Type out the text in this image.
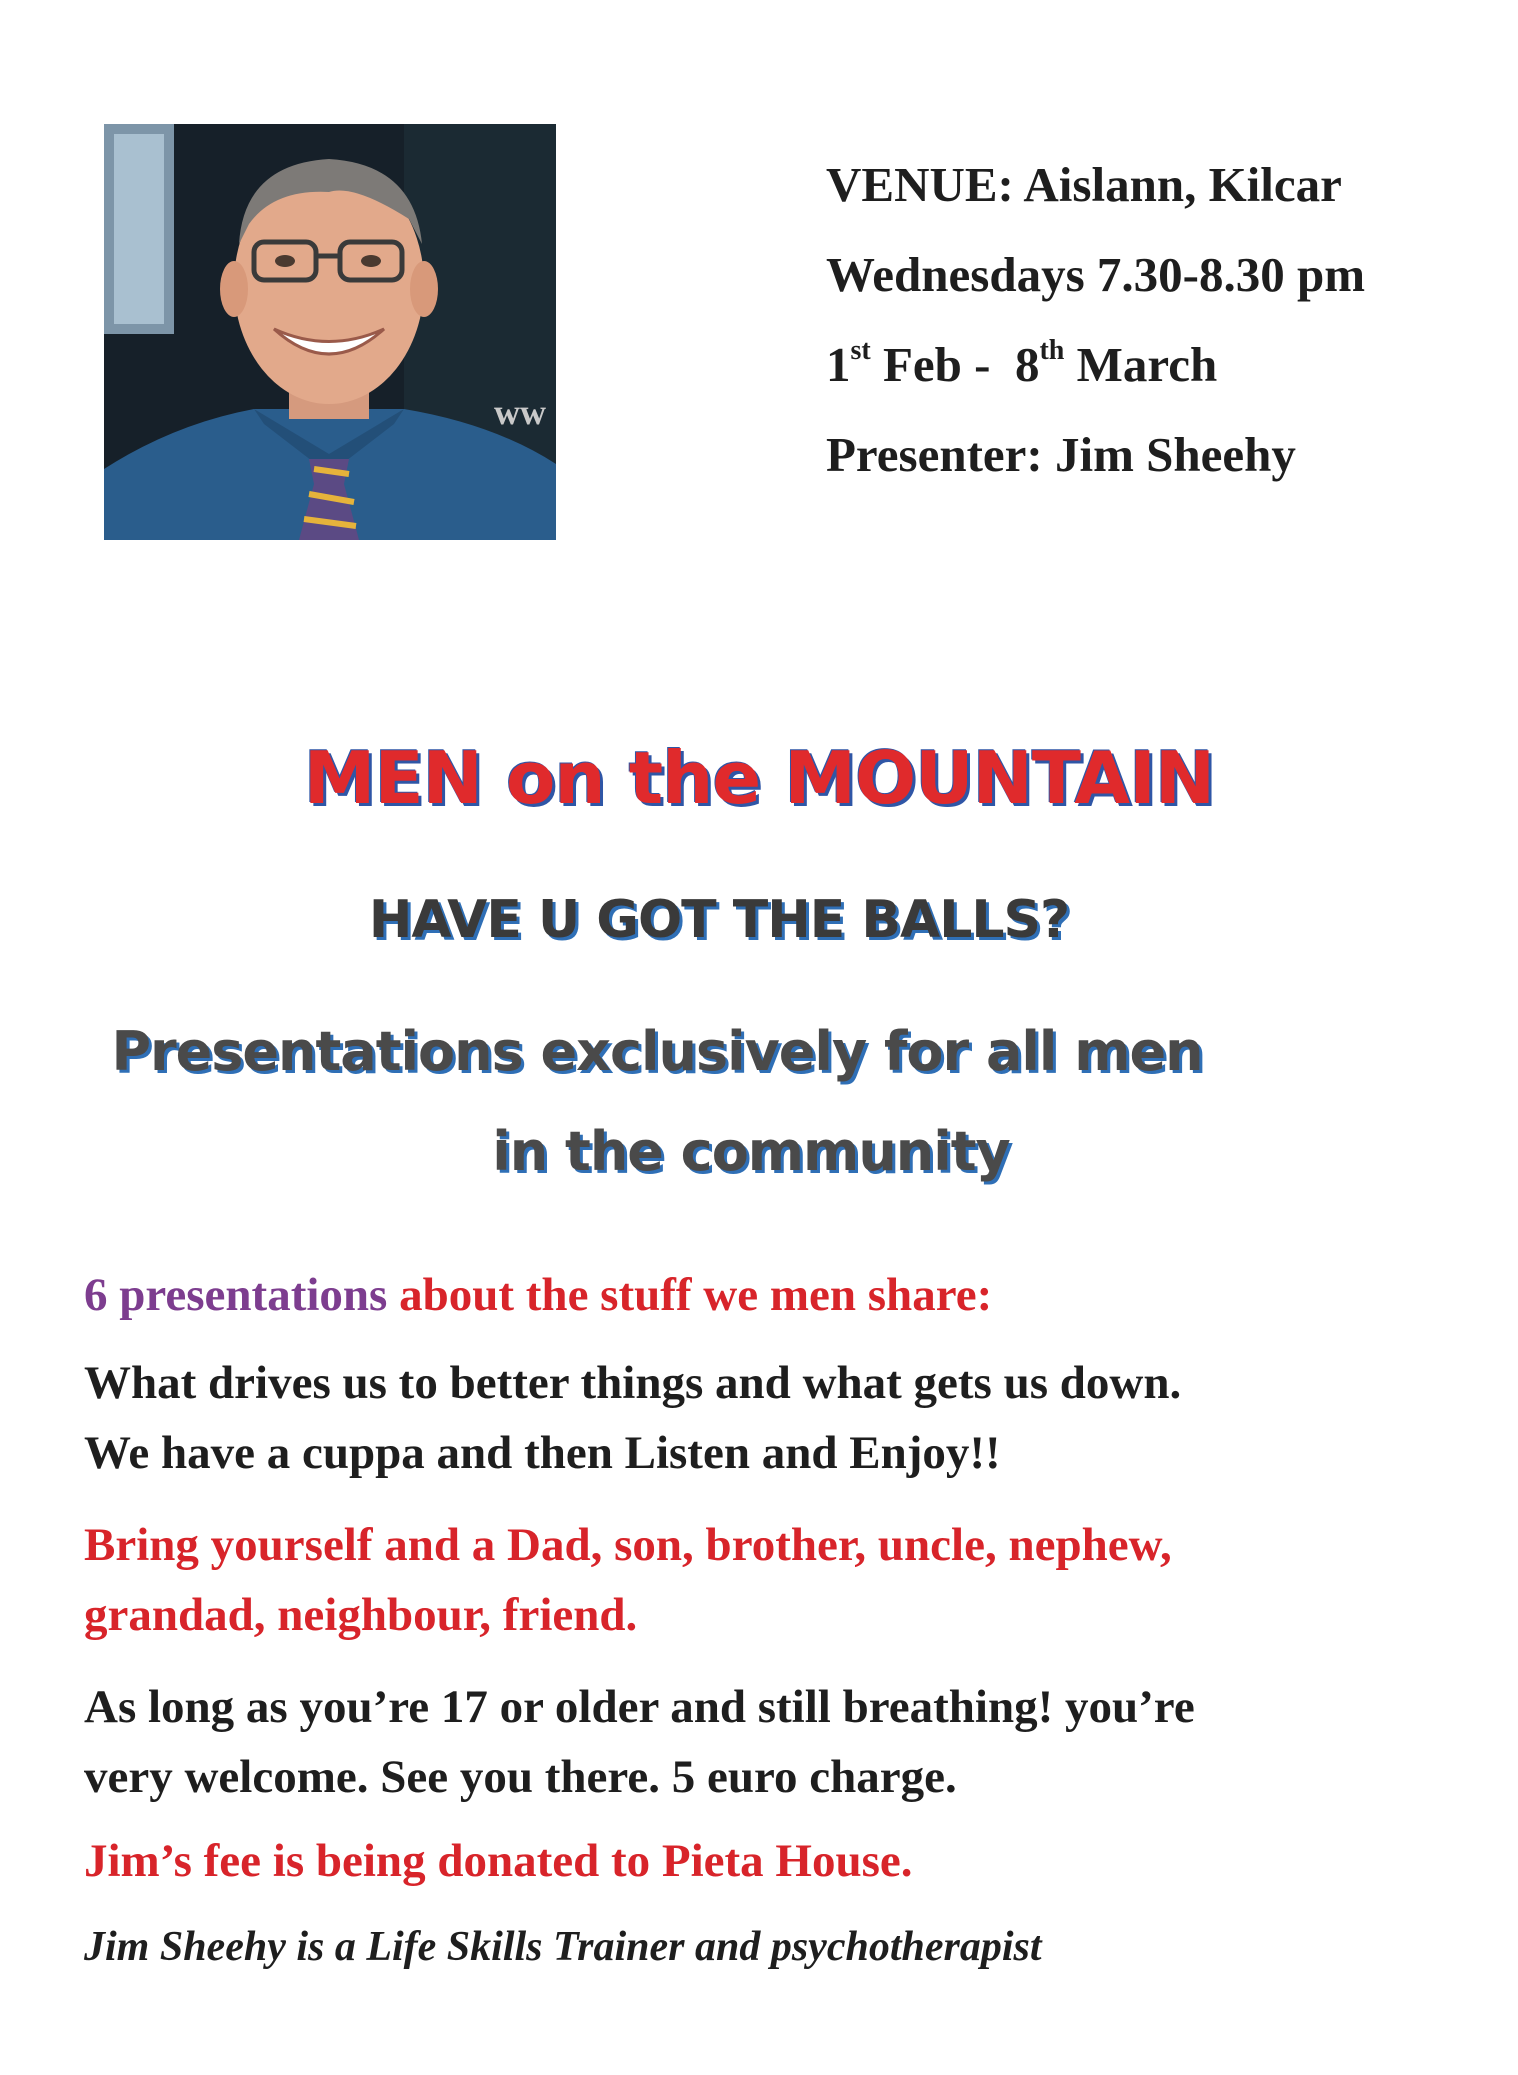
ww
VENUE: Aislann, Kilcar
Wednesdays 7.30-8.30 pm
1st Feb -  8th March
Presenter: Jim Sheehy
MEN on the MOUNTAIN
HAVE U GOT THE BALLS?
Presentations exclusively for all men
in the community
6 presentations about the stuff we men share:
What drives us to better things and what gets us down.
We have a cuppa and then Listen and Enjoy!!
Bring yourself and a Dad, son, brother, uncle, nephew,
grandad, neighbour, friend.
As long as you’re 17 or older and still breathing! you’re
very welcome. See you there. 5 euro charge.
Jim’s fee is being donated to Pieta House.
Jim Sheehy is a Life Skills Trainer and psychotherapist
